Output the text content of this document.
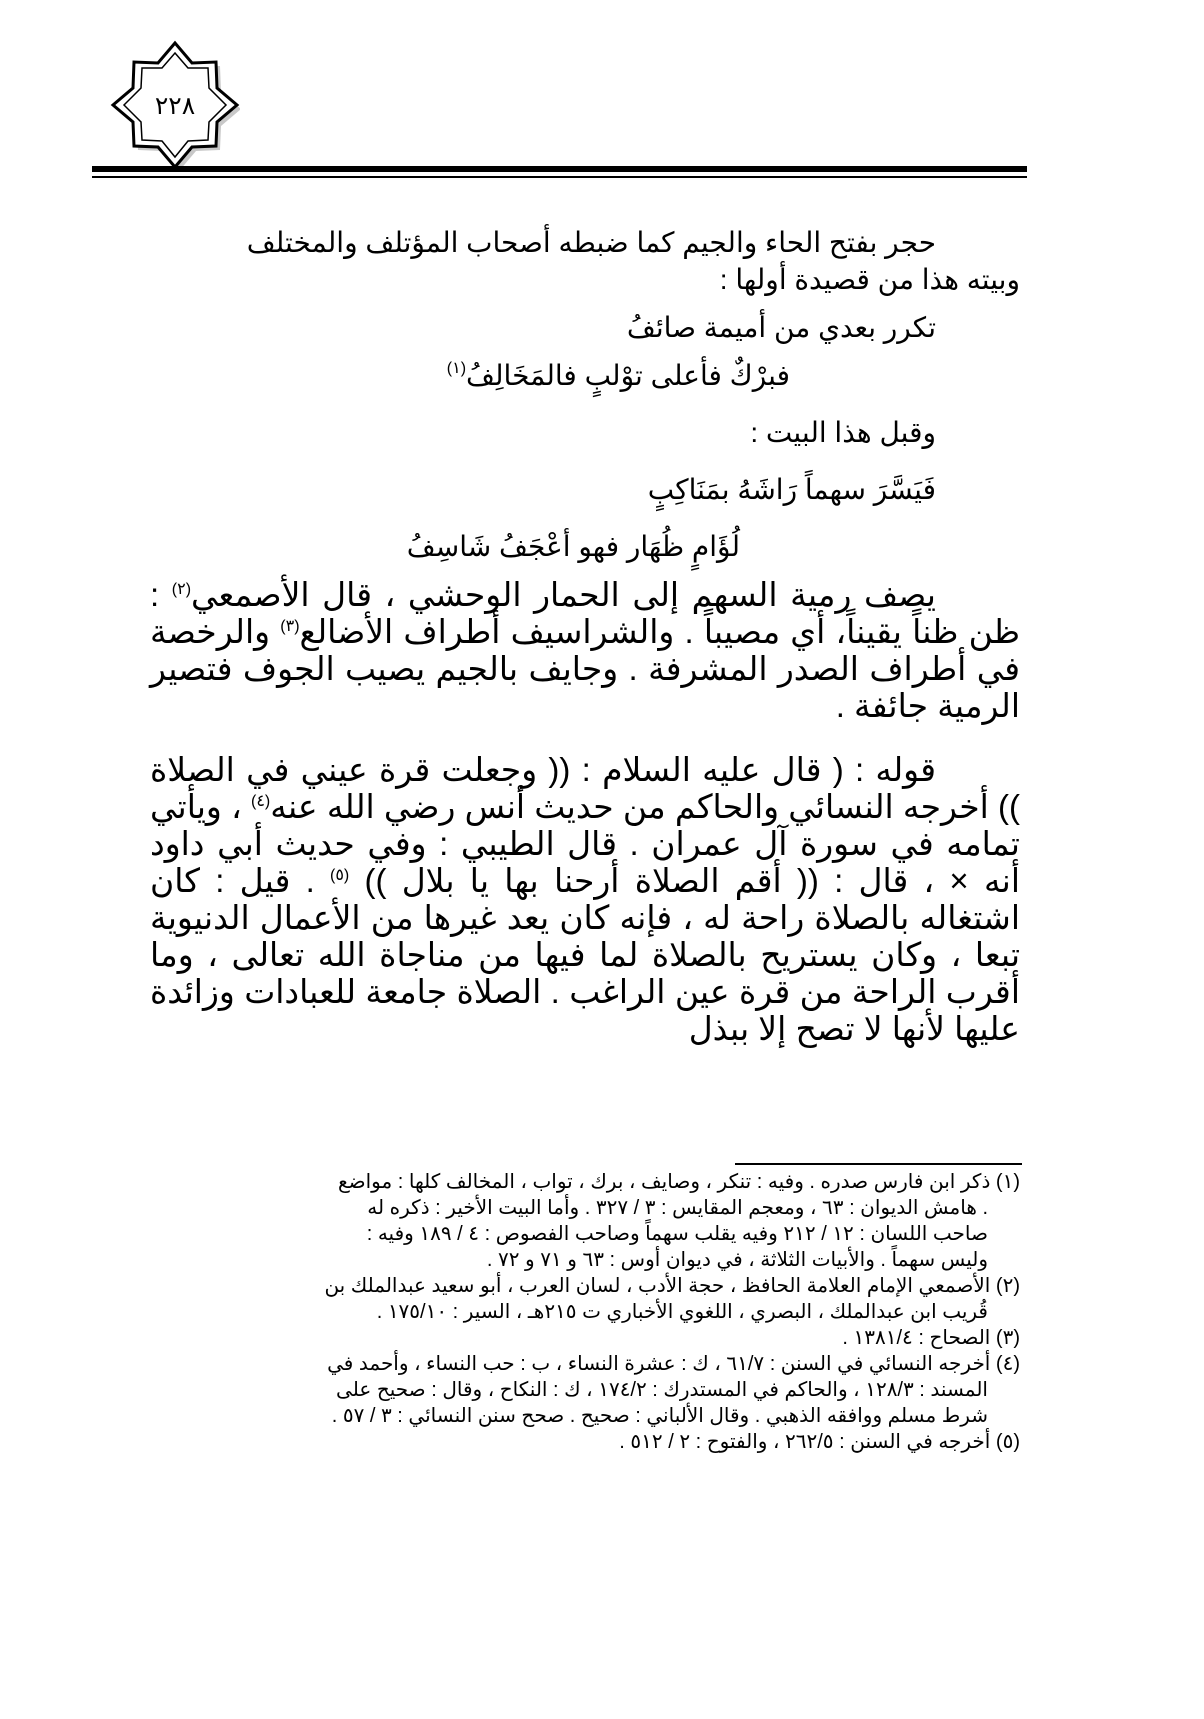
٢٢٨

حجر بفتح الحاء والجيم كما ضبطه أصحاب المؤتلف والمختلف

وبيته هذا من قصيدة أولها :

تكرر بعدي من أميمة صائفُ

فبرْكٌ فأعلى توْلبٍ فالمَخَالِفُ$^{(١)}$

وقبل هذا البيت :

فَيَسَّرَ سهماً رَاشَهُ بمَنَاكِبٍ

لُؤَامٍ ظُهَار فهو أعْجَفُ شَاسِفُ

يصف رمية السهم إلى الحمار الوحشي ، قال الأصمعي$^{(٢)}$ : ظن ظناً يقيناً، أي مصيباً . والشراسيف أطراف الأضالع$^{(٣)}$ والرخصة في أطراف الصدر المشرفة . وجايف بالجيم يصيب الجوف فتصير الرمية جائفة .

قوله : ( قال عليه السلام : (( وجعلت قرة عيني في الصلاة )) أخرجه النسائي والحاكم من حديث أنس رضي الله عنه$^{(٤)}$ ، ويأتي تمامه في سورة آل عمران . قال الطيبي : وفي حديث أبي داود أنه × ، قال : (( أقم الصلاة أرحنا بها يا بلال )) $^{(٥)}$ . قيل : كان اشتغاله بالصلاة راحة له ، فإنه كان يعد غيرها من الأعمال الدنيوية تبعا ، وكان يستريح بالصلاة لما فيها من مناجاة الله تعالى ، وما أقرب الراحة من قرة عين الراغب . الصلاة جامعة للعبادات وزائدة عليها لأنها لا تصح إلا ببذل

(١) ذكر ابن فارس صدره . وفيه : تنكر ، وصايف ، برك ، تواب ، المخالف كلها : مواضع

. هامش الديوان : ٦٣ ، ومعجم المقايس : ٣ / ٣٢٧ . وأما البيت الأخير : ذكره له

صاحب اللسان : ١٢ / ٢١٢ وفيه يقلب سهماً وصاحب الفصوص : ٤ / ١٨٩ وفيه :

وليس سهماً . والأبيات الثلاثة ، في ديوان أوس : ٦٣ و ٧١ و ٧٢ .

(٢) الأصمعي الإمام العلامة الحافظ ، حجة الأدب ، لسان العرب ، أبو سعيد عبدالملك بن

قُريب ابن عبدالملك ، البصري ، اللغوي الأخباري ت ٢١٥هـ ، السير : ١٧٥/١٠ .

(٣) الصحاح : ١٣٨١/٤ .

(٤) أخرجه النسائي في السنن : ٦١/٧ ، ك : عشرة النساء ، ب : حب النساء ، وأحمد في

المسند : ١٢٨/٣ ، والحاكم في المستدرك : ١٧٤/٢ ، ك : النكاح ، وقال : صحيح على

شرط مسلم ووافقه الذهبي . وقال الألباني : صحيح . صحح سنن النسائي : ٣ / ٥٧ .

(٥) أخرجه في السنن : ٢٦٢/٥ ، والفتوح : ٢ / ٥١٢ .
